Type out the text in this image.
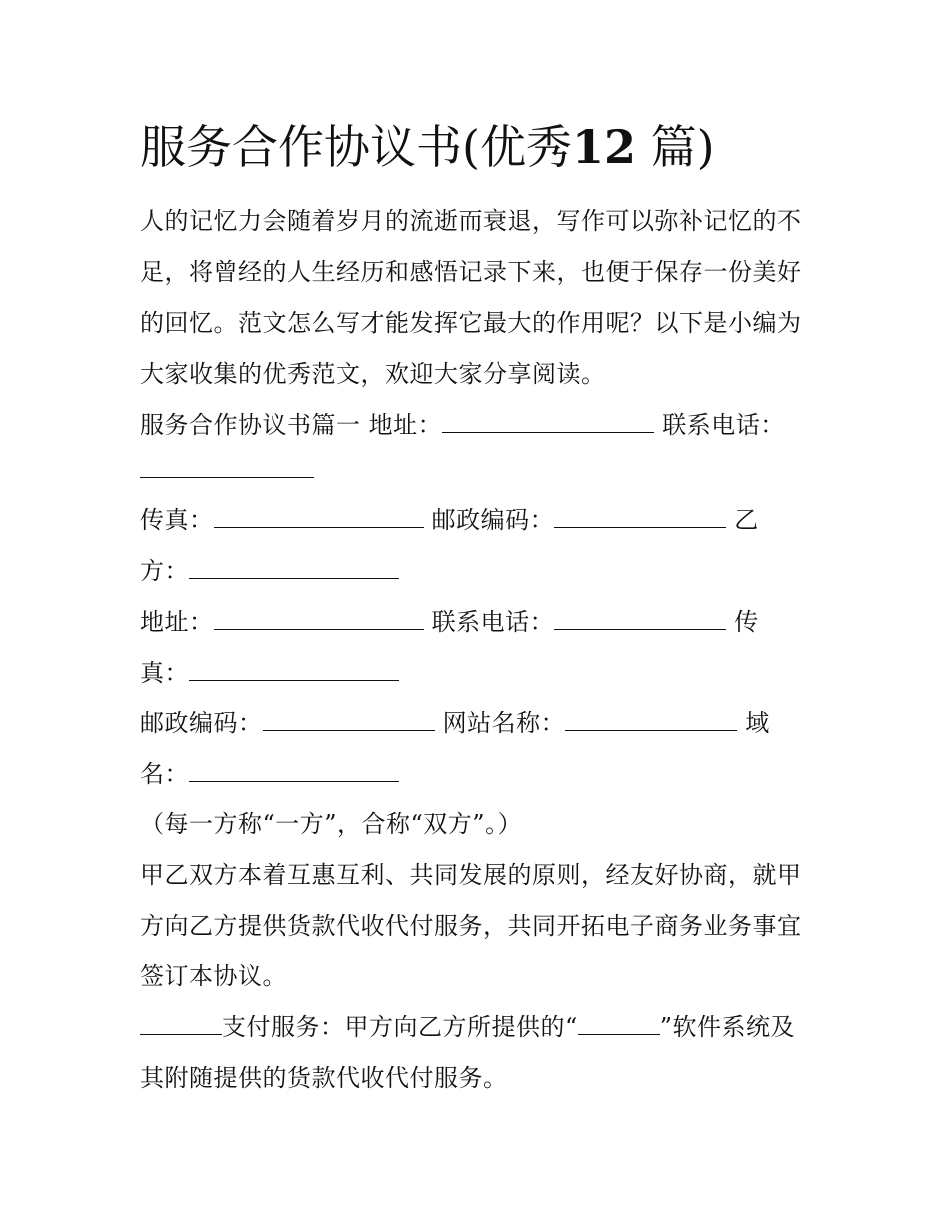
服务合作协议书(优秀12 篇)
人的记忆力会随着岁月的流逝而衰退，写作可以弥补记忆的不
足，将曾经的人生经历和感悟记录下来，也便于保存一份美好
的回忆。范文怎么写才能发挥它最大的作用呢？以下是小编为
大家收集的优秀范文，欢迎大家分享阅读。
服务合作协议书篇一 地址：	联系电话：
传真：	邮政编码：	乙
方：
地址：	联系电话：	传
真：
邮政编码：	网站名称：	域
名：
（每一方称“一方”，合称“双方”。）
甲乙双方本着互惠互利、共同发展的原则，经友好协商，就甲
方向乙方提供货款代收代付服务，共同开拓电子商务业务事宜
签订本协议。
支付服务：甲方向乙方所提供的“	”软件系统及
其附随提供的货款代收代付服务。
